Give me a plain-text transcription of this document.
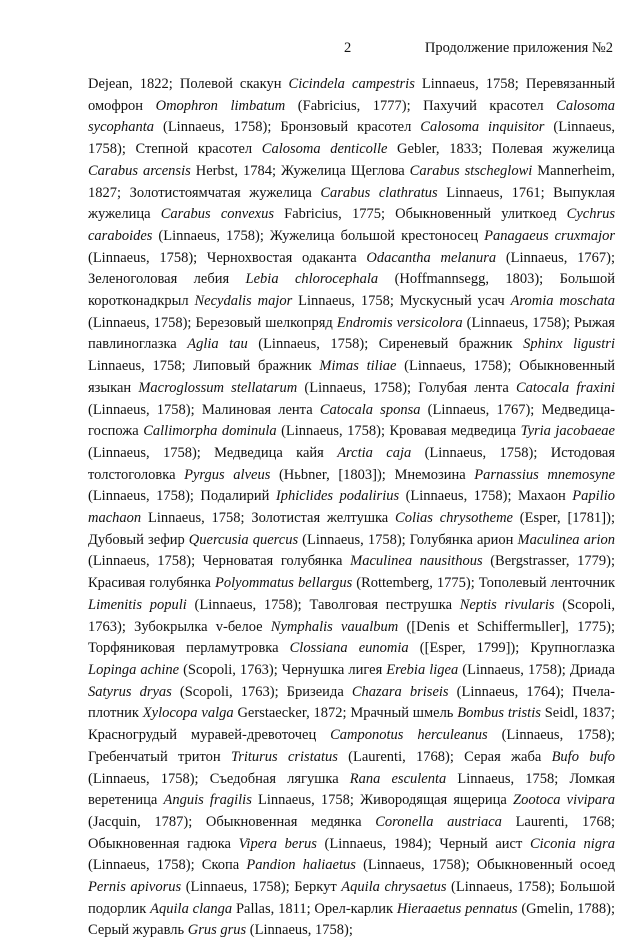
2	Продолжение приложения №2

Dejean, 1822; Полевой скакун Cicindela campestris Linnaeus, 1758; Перевязанный омофрон Omophron limbatum (Fabricius, 1777); Пахучий красотел Calosoma sycophanta (Linnaeus, 1758); Бронзовый красотел Calosoma inquisitor (Linnaeus, 1758); Степной красотел Calosoma denticolle Gebler, 1833; Полевая жужелица Carabus arcensis Herbst, 1784; Жужелица Щеглова Carabus stscheglowi Mannerheim, 1827; Золотистоямчатая жужелица Carabus clathratus Linnaeus, 1761; Выпуклая жужелица Carabus convexus Fabricius, 1775; Обыкновенный улиткоед Cychrus caraboides (Linnaeus, 1758); Жужелица большой крестоносец Panagaeus cruxmajor (Linnaeus, 1758); Чернохвостая одаканта Odacantha melanura (Linnaeus, 1767); Зеленоголовая лебия Lebia chlorocephala (Hoffmannsegg, 1803); Большой коротконадкрыл Necydalis major Linnaeus, 1758; Мускусный усач Aromia moschata (Linnaeus, 1758); Березовый шелкопряд Endromis versicolora (Linnaeus, 1758); Рыжая павлиноглазка Aglia tau (Linnaeus, 1758); Сиреневый бражник Sphinx ligustri Linnaeus, 1758; Липовый бражник Mimas tiliae (Linnaeus, 1758); Обыкновенный языкан Macroglossum stellatarum (Linnaeus, 1758); Голубая лента Catocala fraxini (Linnaeus, 1758); Малиновая лента Catocala sponsa (Linnaeus, 1767); Медведица-госпожа Callimorpha dominula (Linnaeus, 1758); Кровавая медведица Tyria jacobaeae (Linnaeus, 1758); Медведица кайя Arctia caja (Linnaeus, 1758); Истодовая толстоголовка Pyrgus alveus (Hьbner, [1803]); Мнемозина Parnassius mnemosyne (Linnaeus, 1758); Подалирий Iphiclides podalirius (Linnaeus, 1758); Махаон Papilio machaon Linnaeus, 1758; Золотистая желтушка Colias chrysotheme (Esper, [1781]); Дубовый зефир Quercusia quercus (Linnaeus, 1758); Голубянка арион Maculinea arion (Linnaeus, 1758); Черноватая голубянка Maculinea nausithous (Bergstrasser, 1779); Красивая голубянка Polyommatus bellargus (Rottemberg, 1775); Тополевый ленточник Limenitis populi (Linnaeus, 1758); Таволговая пеструшка Neptis rivularis (Scopoli, 1763); Зубокрылка v-белое Nymphalis vaualbum ([Denis et Schiffermьller], 1775); Торфяниковая перламутровка Clossiana eunomia ([Esper, 1799]); Крупноглазка Lopinga achine (Scopoli, 1763); Чернушка лигея Erebia ligea (Linnaeus, 1758); Дриада Satyrus dryas (Scopoli, 1763); Бризеида Chazara briseis (Linnaeus, 1764); Пчела-плотник Xylocopa valga Gerstaecker, 1872; Мрачный шмель Bombus tristis Seidl, 1837; Красногрудый муравей-древоточец Camponotus herculeanus (Linnaeus, 1758); Гребенчатый тритон Triturus cristatus (Laurenti, 1768); Серая жаба Bufo bufo (Linnaeus, 1758); Съедобная лягушка Rana esculenta Linnaeus, 1758; Ломкая веретеница Anguis fragilis Linnaeus, 1758; Живородящая ящерица Zootoca vivipara (Jacquin, 1787); Обыкновенная медянка Coronella austriaca Laurenti, 1768; Обыкновенная гадюка Vipera berus (Linnaeus, 1984); Черный аист Ciconia nigra (Linnaeus, 1758); Скопа Pandion haliaetus (Linnaeus, 1758); Обыкновенный осоед Pernis apivorus (Linnaeus, 1758); Беркут Aquila chrysaetus (Linnaeus, 1758); Большой подорлик Aquila clanga Pallas, 1811; Орел-карлик Hieraaetus pennatus (Gmelin, 1788); Серый журавль Grus grus (Linnaeus, 1758);
